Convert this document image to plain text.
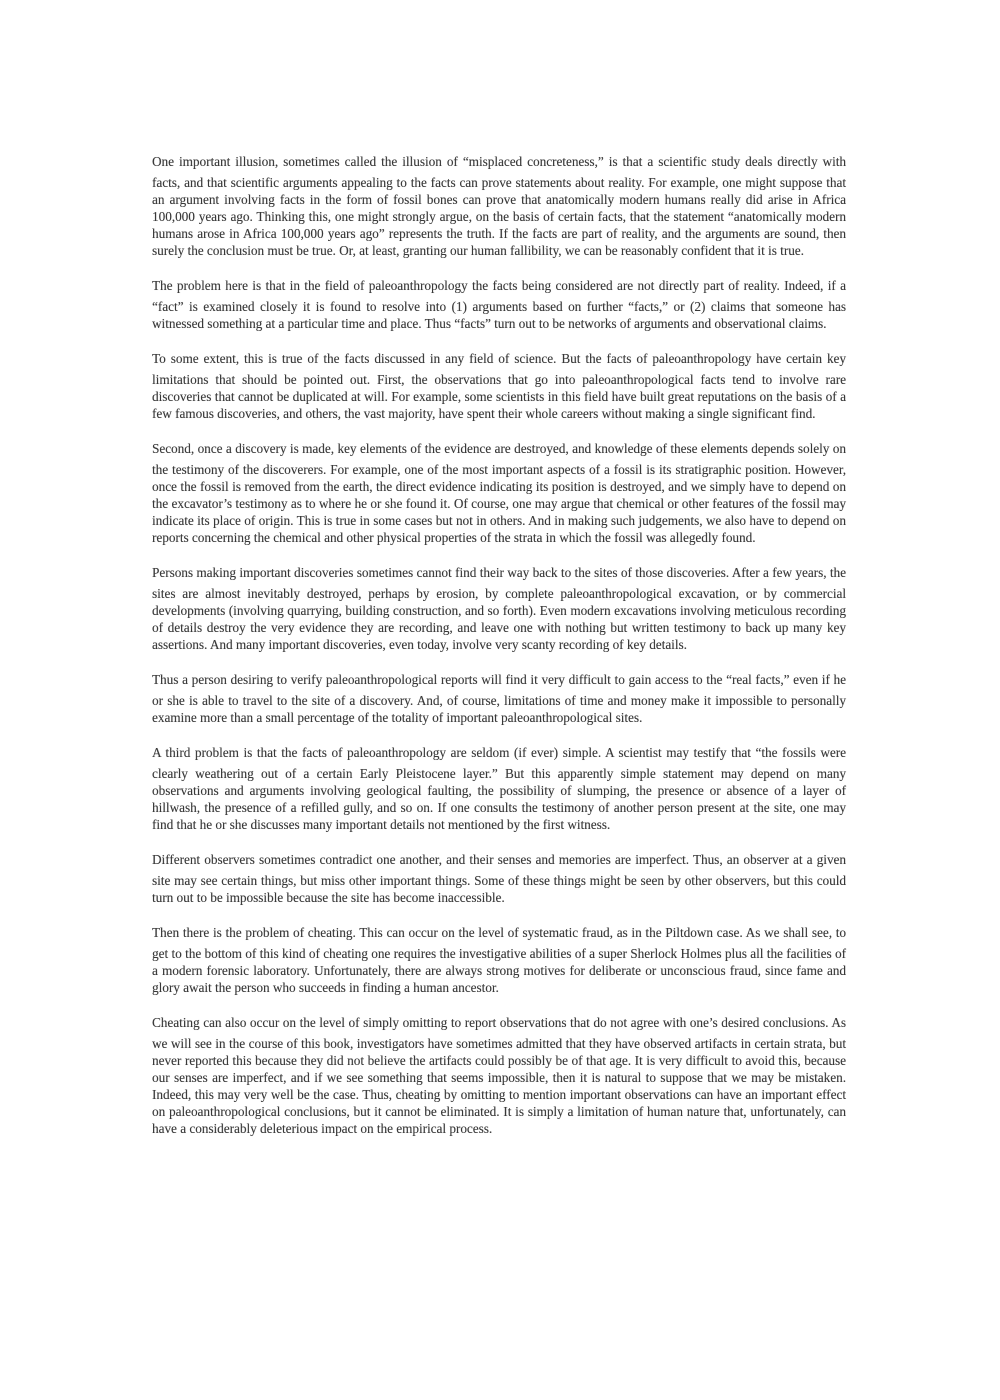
One important illusion, sometimes called the illusion of “misplaced concreteness,” is that a scientific study deals directly with facts, and that scientific arguments appealing to the facts can prove statements about reality. For example, one might suppose that an argument involving facts in the form of fossil bones can prove that anatomically modern humans really did arise in Africa 100,000 years ago. Thinking this, one might strongly argue, on the basis of certain facts, that the statement “anatomically modern humans arose in Africa 100,000 years ago” represents the truth. If the facts are part of reality, and the arguments are sound, then surely the conclusion must be true. Or, at least, granting our human fallibility, we can be reasonably confident that it is true.

The problem here is that in the field of paleoanthropology the facts being considered are not directly part of reality. Indeed, if a “fact” is examined closely it is found to resolve into (1) arguments based on further “facts,” or (2) claims that someone has witnessed something at a particular time and place. Thus “facts” turn out to be networks of arguments and observational claims.

To some extent, this is true of the facts discussed in any field of science. But the facts of paleoanthropology have certain key limitations that should be pointed out. First, the observations that go into paleoanthropological facts tend to involve rare discoveries that cannot be duplicated at will. For example, some scientists in this field have built great reputations on the basis of a few famous discoveries, and others, the vast majority, have spent their whole careers without making a single significant find.

Second, once a discovery is made, key elements of the evidence are destroyed, and knowledge of these elements depends solely on the testimony of the discoverers. For example, one of the most important aspects of a fossil is its stratigraphic position. However, once the fossil is removed from the earth, the direct evidence indicating its position is destroyed, and we simply have to depend on the excavator’s testimony as to where he or she found it. Of course, one may argue that chemical or other features of the fossil may indicate its place of origin. This is true in some cases but not in others. And in making such judgements, we also have to depend on reports concerning the chemical and other physical properties of the strata in which the fossil was allegedly found.

Persons making important discoveries sometimes cannot find their way back to the sites of those discoveries. After a few years, the sites are almost inevitably destroyed, perhaps by erosion, by complete paleoanthropological excavation, or by commercial developments (involving quarrying, building construction, and so forth). Even modern excavations involving meticulous recording of details destroy the very evidence they are recording, and leave one with nothing but written testimony to back up many key assertions. And many important discoveries, even today, involve very scanty recording of key details.

Thus a person desiring to verify paleoanthropological reports will find it very difficult to gain access to the “real facts,” even if he or she is able to travel to the site of a discovery. And, of course, limitations of time and money make it impossible to personally examine more than a small percentage of the totality of important paleoanthropological sites.

A third problem is that the facts of paleoanthropology are seldom (if ever) simple. A scientist may testify that “the fossils were clearly weathering out of a certain Early Pleistocene layer.” But this apparently simple statement may depend on many observations and arguments involving geological faulting, the possibility of slumping, the presence or absence of a layer of hillwash, the presence of a refilled gully, and so on. If one consults the testimony of another person present at the site, one may find that he or she discusses many important details not mentioned by the first witness.

Different observers sometimes contradict one another, and their senses and memories are imperfect. Thus, an observer at a given site may see certain things, but miss other important things. Some of these things might be seen by other observers, but this could turn out to be impossible because the site has become inaccessible.

Then there is the problem of cheating. This can occur on the level of systematic fraud, as in the Piltdown case. As we shall see, to get to the bottom of this kind of cheating one requires the investigative abilities of a super Sherlock Holmes plus all the facilities of a modern forensic laboratory. Unfortunately, there are always strong motives for deliberate or unconscious fraud, since fame and glory await the person who succeeds in finding a human ancestor.

Cheating can also occur on the level of simply omitting to report observations that do not agree with one’s desired conclusions. As we will see in the course of this book, investigators have sometimes admitted that they have observed artifacts in certain strata, but never reported this because they did not believe the artifacts could possibly be of that age. It is very difficult to avoid this, because our senses are imperfect, and if we see something that seems impossible, then it is natural to suppose that we may be mistaken. Indeed, this may very well be the case. Thus, cheating by omitting to mention important observations can have an important effect on paleoanthropological conclusions, but it cannot be eliminated. It is simply a limitation of human nature that, unfortunately, can have a considerably deleterious impact on the empirical process.
